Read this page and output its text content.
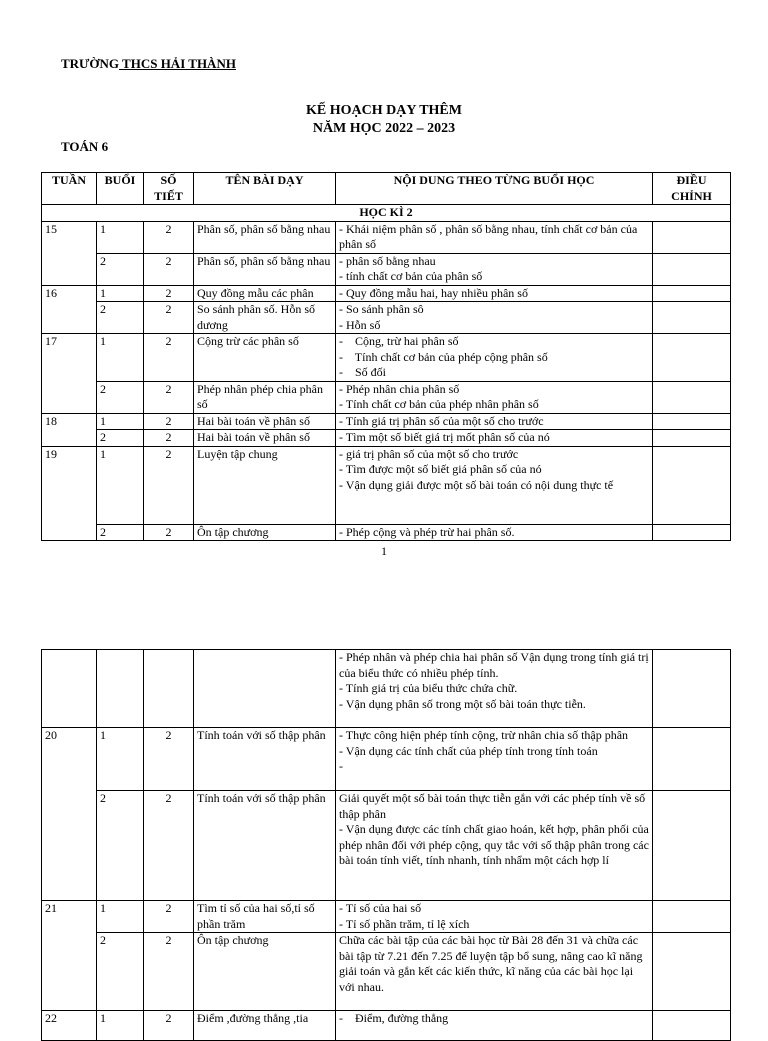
TRƯỜNG THCS HẢI THÀNH
KẾ HOẠCH DẠY THÊM
NĂM HỌC 2022 – 2023
TOÁN 6
TUẦN	BUỔI	SỐ TIẾT	TÊN BÀI DẠY	NỘI DUNG THEO TỪNG BUỔI HỌC	ĐIỀU CHỈNH
HỌC KÌ 2					
15	1	2	Phân số, phân số bằng nhau	- Khái niệm phân số , phân số bằng nhau, tính chất cơ bản của phân số	

	2	2	Phân số, phân số bằng nhau	- phân số bằng nhau
- tính chất cơ bản của phân số	

16	1	2	Quy đồng mẫu các phân	- Quy đồng mẫu hai, hay nhiều phân số	

	2	2	So sánh phân số. Hỗn số dương	- So sánh phân sô
- Hỗn số	

17	1	2	Cộng trừ các phân số	-    Cộng, trừ hai phân số
-    Tính chất cơ bản của phép cộng phân số
-    Số đối	

	2	2	Phép nhân phép chia phân số	- Phép nhân chia phân số
- Tính chất cơ bản của phép nhân phân số	

18	1	2	Hai bài toán về phân số	- Tính giá trị phân số của một số cho trước	

	2	2	Hai bài toán về phân số	- Tìm một số biết giá trị mốt phân số của nó	

19	1	2	Luyện tập chung	- giá trị phân số của một số cho trước
- Tìm được một số biết giá phân số của nó
- Vận dụng giải được một số bài toán có nội dung thực tế	

	2	2	Ôn tập chương	- Phép cộng và phép trừ hai phân số.	

1

				- Phép nhân và phép chia hai phân số Vận dụng trong tính giá trị của biểu thức có nhiều phép tính.
- Tính giá trị của biểu thức chứa chữ.
- Vận dụng phân số trong một số bài toán thực tiễn.	

20	1	2	Tính toán với số thập phân	- Thực công hiện phép tính cộng, trừ nhân chia số thập phân
- Vận dụng các tính chất của phép tính trong tính toán
-	

	2	2	Tính toán với số thập phân	Giải quyết một số bài toán thực tiễn gắn với các phép tính về số thập phân
- Vận dụng được các tính chất giao hoán, kết hợp, phân phối của phép nhân đối với phép cộng, quy tắc với số thập phân trong các bài toán tính viết, tính nhanh, tính nhẩm một cách hợp lí	

21	1	2	Tìm tỉ số của hai số,tỉ số phần trăm	- Tỉ số của hai số
- Tỉ số phần trăm, tỉ lệ xích	

	2	2	Ôn tập chương	Chữa các bài tập của các bài học từ Bài 28 đến 31 và chữa các bài tập từ 7.21 đến 7.25 để luyện tập bổ sung, nâng cao kĩ năng giải toán và gắn kết các kiến thức, kĩ năng của các bài học lại với nhau.	

22	1	2	Điểm ,đường thẳng ,tia	-    Điểm, đường thẳng	
